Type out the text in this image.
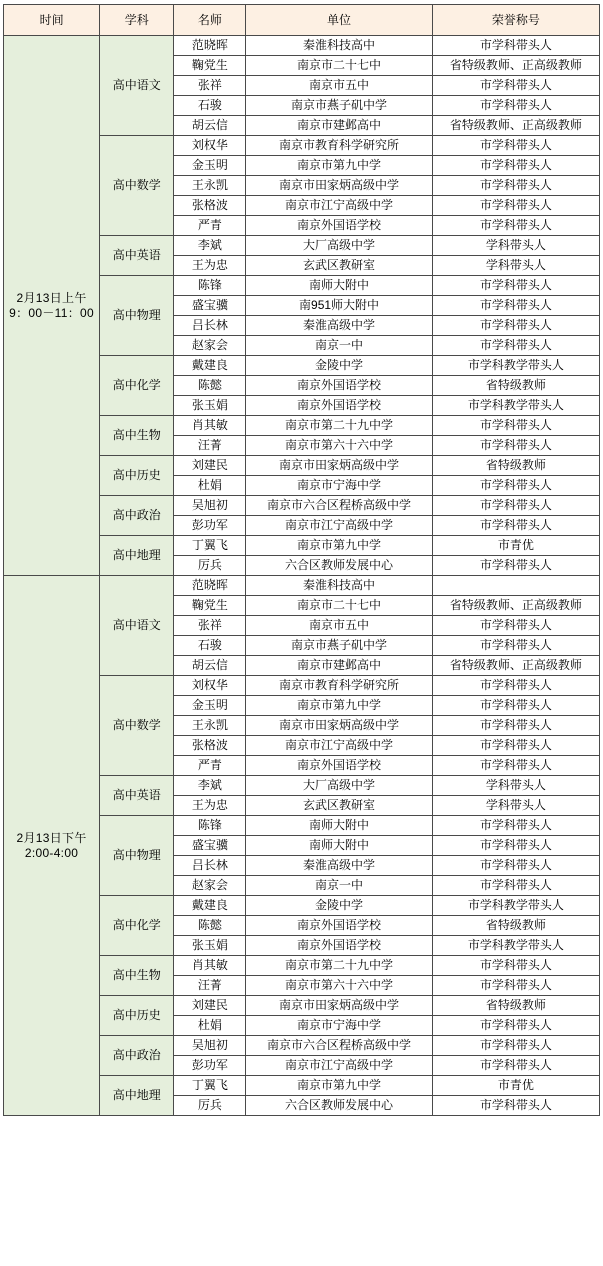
时间	学科	名师	单位	荣誉称号
2月13日上午
9：00－11：00	高中语文	范晓晖	秦淮科技高中	市学科带头人
		鞠党生	南京市二十七中	省特级教师、正高级教师
		张祥	南京市五中	市学科带头人
		石骏	南京市燕子矶中学	市学科带头人
		胡云信	南京市建邺高中	省特级教师、正高级教师
	高中数学	刘权华	南京市教育科学研究所	市学科带头人
		金玉明	南京市第九中学	市学科带头人
		王永凯	南京市田家炳高级中学	市学科带头人
		张格波	南京市江宁高级中学	市学科带头人
		严青	南京外国语学校	市学科带头人
	高中英语	李斌	大厂高级中学	学科带头人
		王为忠	玄武区教研室	学科带头人
	高中物理	陈锋	南师大附中	市学科带头人
		盛宝骥	南951师大附中	市学科带头人
		吕长林	秦淮高级中学	市学科带头人
		赵家会	南京一中	市学科带头人
	高中化学	戴建良	金陵中学	市学科教学带头人
		陈懿	南京外国语学校	省特级教师
		张玉娟	南京外国语学校	市学科教学带头人
	高中生物	肖其敏	南京市第二十九中学	市学科带头人
		汪菁	南京市第六十六中学	市学科带头人
	高中历史	刘建民	南京市田家炳高级中学	省特级教师
		杜娟	南京市宁海中学	市学科带头人
	高中政治	吴旭初	南京市六合区程桥高级中学	市学科带头人
		彭功军	南京市江宁高级中学	市学科带头人
	高中地理	丁翼飞	南京市第九中学	市青优
		厉兵	六合区教师发展中心	市学科带头人
2月13日下午
2:00-4:00	高中语文	范晓晖	秦淮科技高中	
		鞠党生	南京市二十七中	省特级教师、正高级教师
		张祥	南京市五中	市学科带头人
		石骏	南京市燕子矶中学	市学科带头人
		胡云信	南京市建邺高中	省特级教师、正高级教师
	高中数学	刘权华	南京市教育科学研究所	市学科带头人
		金玉明	南京市第九中学	市学科带头人
		王永凯	南京市田家炳高级中学	市学科带头人
		张格波	南京市江宁高级中学	市学科带头人
		严青	南京外国语学校	市学科带头人
	高中英语	李斌	大厂高级中学	学科带头人
		王为忠	玄武区教研室	学科带头人
	高中物理	陈锋	南师大附中	市学科带头人
		盛宝骥	南师大附中	市学科带头人
		吕长林	秦淮高级中学	市学科带头人
		赵家会	南京一中	市学科带头人
	高中化学	戴建良	金陵中学	市学科教学带头人
		陈懿	南京外国语学校	省特级教师
		张玉娟	南京外国语学校	市学科教学带头人
	高中生物	肖其敏	南京市第二十九中学	市学科带头人
		汪菁	南京市第六十六中学	市学科带头人
	高中历史	刘建民	南京市田家炳高级中学	省特级教师
		杜娟	南京市宁海中学	市学科带头人
	高中政治	吴旭初	南京市六合区程桥高级中学	市学科带头人
		彭功军	南京市江宁高级中学	市学科带头人
	高中地理	丁翼飞	南京市第九中学	市青优
		厉兵	六合区教师发展中心	市学科带头人
